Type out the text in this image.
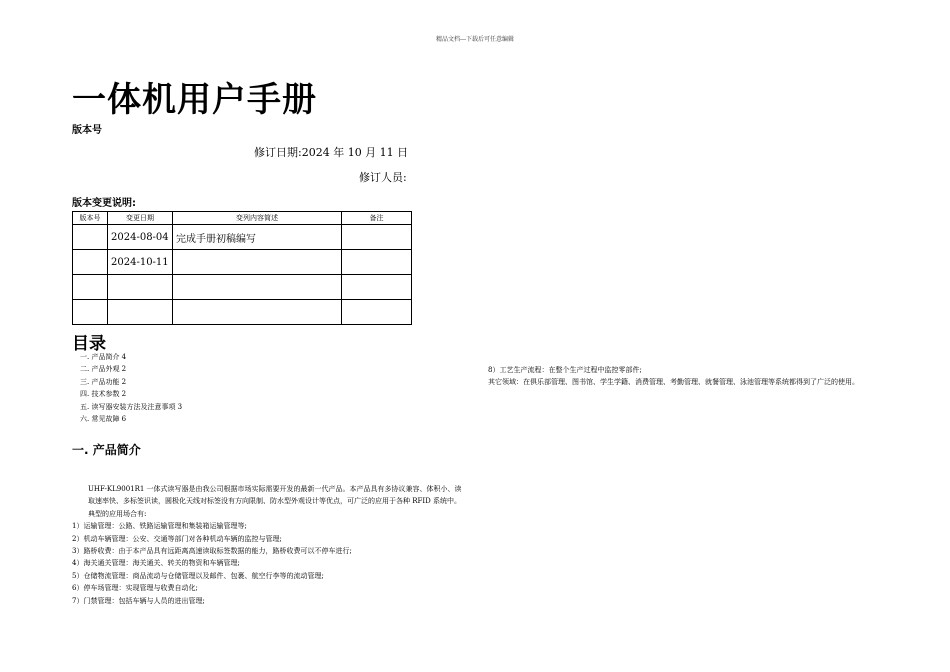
精品文档---下载后可任意编辑
一体机用户手册
版本号
修订日期:2024 年 10 月 11 日
修订人员:
版本变更说明:
版本号	变更日期	变列内容简述	备注
	2024-08-04	完成手册初稿编写	
	2024-10-11		

目录
一. 产品简介 4
二. 产品外观 2
三. 产品功能 2
四. 技术参数 2
五. 读写器安装方法及注意事项 3
六. 常见故障 6
一. 产品简介
UHF-KL9001R1 一体式读写器是由我公司根据市场实际需要开发的最新一代产品。本产品具有多协议兼容、体积小、读取速率快、多标签识读，圆极化天线对标签没有方向限制、防水型外观设计等优点，可广泛的应用于各种 RFID 系统中。典型的应用场合有:
1）运输管理：公路、铁路运输管理和集装箱运输管理等;
2）机动车辆管理：公安、交通等部门对各种机动车辆的监控与管理;
3）路桥收费：由于本产品具有远距离高速读取标签数据的能力，路桥收费可以不停车进行;
4）海关通关管理：海关通关、转关的物资和车辆管理;
5）仓储物流管理：商品流动与仓储管理以及邮件、包裹、航空行李等的流动管理;
6）停车场管理：实现管理与收费自动化;
7）门禁管理：包括车辆与人员的进出管理;
8）工艺生产流程：在整个生产过程中监控零部件;
其它领域：在俱乐部管理、图书馆、学生学籍、消费管理、考勤管理、就餐管理、泳池管理等系统都得到了广泛的使用。
